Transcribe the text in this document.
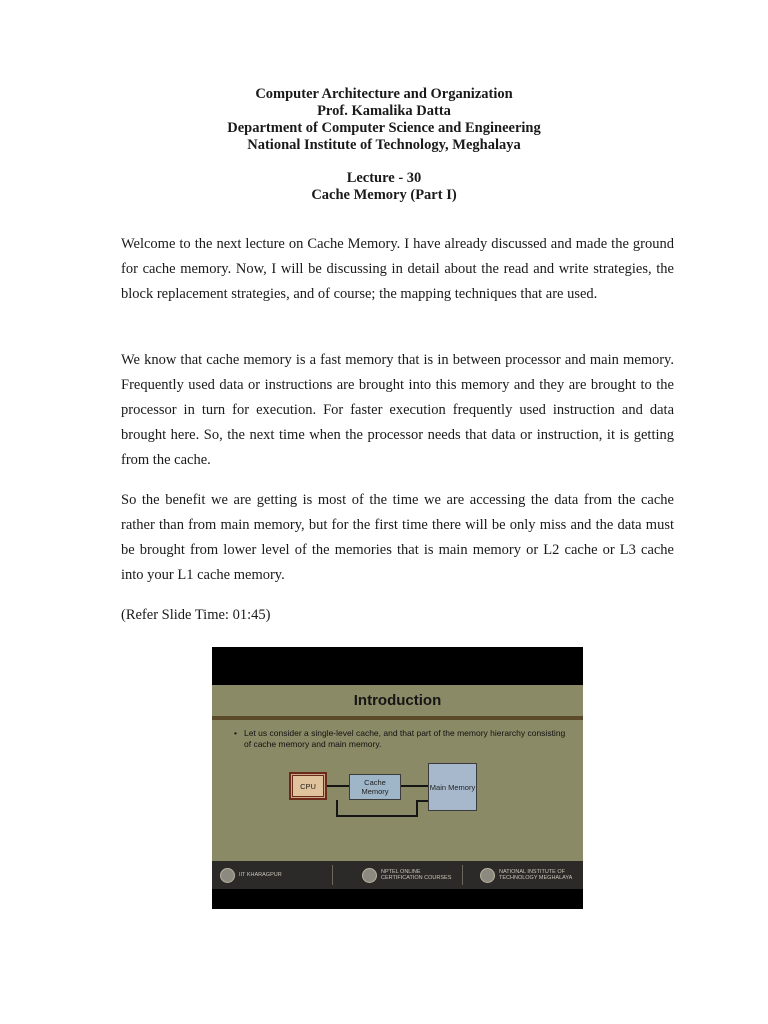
Computer Architecture and Organization
Prof. Kamalika Datta
Department of Computer Science and Engineering
National Institute of Technology, Meghalaya
Lecture - 30
Cache Memory (Part I)

Welcome to the next lecture on Cache Memory. I have already discussed and made the ground for cache memory. Now, I will be discussing in detail about the read and write strategies, the block replacement strategies, and of course; the mapping techniques that are used.

We know that cache memory is a fast memory that is in between processor and main memory. Frequently used data or instructions are brought into this memory and they are brought to the processor in turn for execution. For faster execution frequently used instruction and data brought here. So, the next time when the processor needs that data or instruction, it is getting from the cache.

So the benefit we are getting is most of the time we are accessing the data from the cache rather than from main memory, but for the first time there will be only miss and the data must be brought from lower level of the memories that is main memory or L2 cache or L3 cache into your L1 cache memory.

(Refer Slide Time: 01:45)

Introduction
• Let us consider a single-level cache, and that part of the memory hierarchy consisting of cache memory and main memory.
CPU	Cache Memory	Main Memory
IIT KHARAGPUR	NPTEL ONLINE CERTIFICATION COURSES
NATIONAL INSTITUTE OF TECHNOLOGY MEGHALAYA
